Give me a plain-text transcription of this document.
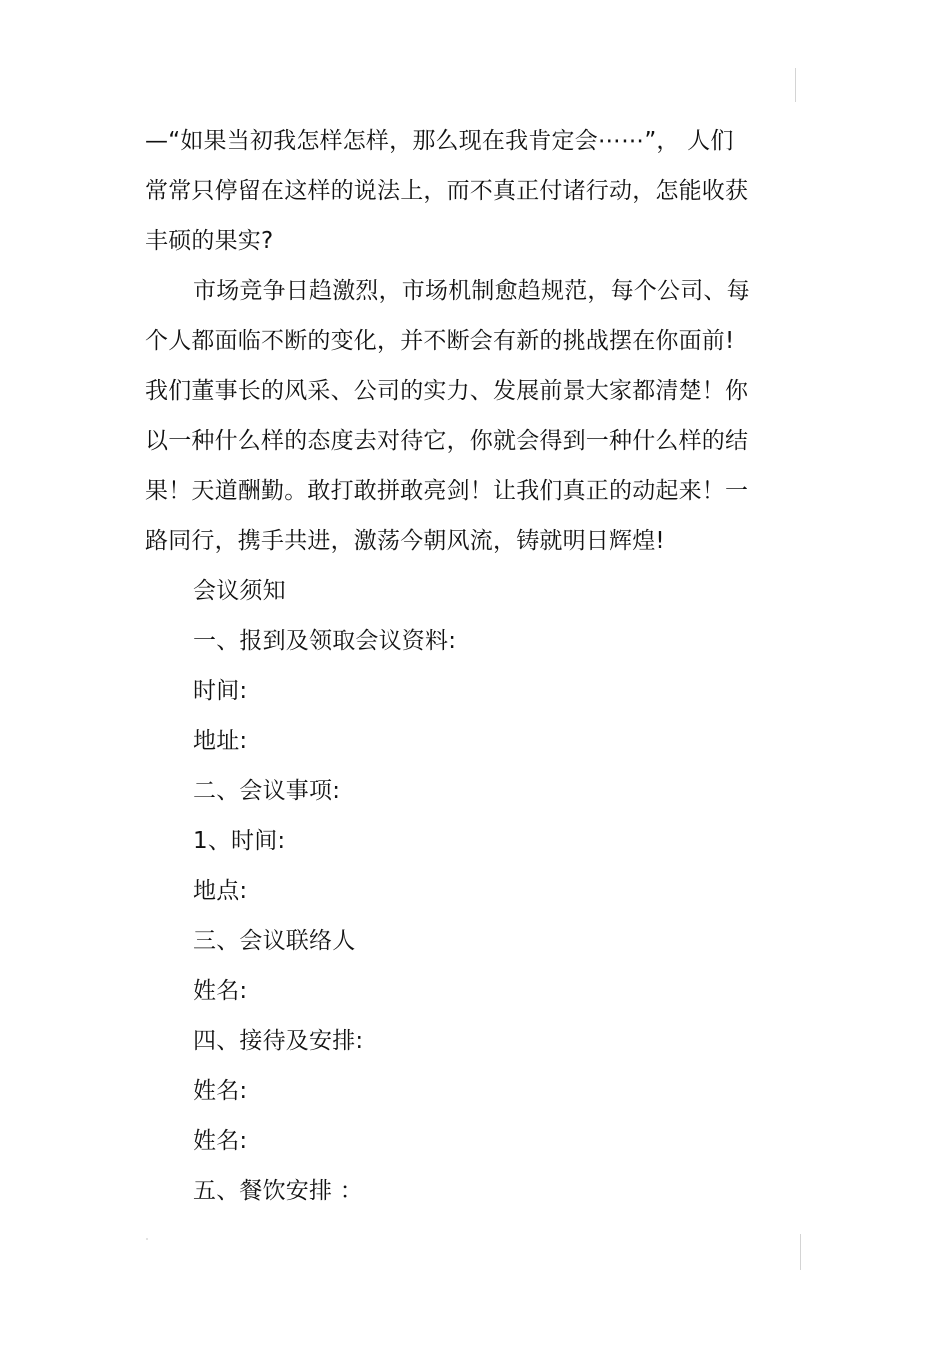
—“如果当初我怎样怎样，那么现在我肯定会⋯⋯”， 人们
常常只停留在这样的说法上，而不真正付诸行动，怎能收获
丰硕的果实?
市场竞争日趋激烈，市场机制愈趋规范，每个公司、每
个人都面临不断的变化，并不断会有新的挑战摆在你面前!
我们董事长的风采、公司的实力、发展前景大家都清楚！你
以一种什么样的态度去对待它，你就会得到一种什么样的结
果！天道酬勤。敢打敢拼敢亮剑！让我们真正的动起来！一
路同行，携手共进，激荡今朝风流，铸就明日辉煌!
会议须知
一、报到及领取会议资料:
时间:
地址:
二、会议事项:
1、时间:
地点:
三、会议联络人
姓名:
四、接待及安排:
姓名:
姓名:
五、餐饮安排 ：
